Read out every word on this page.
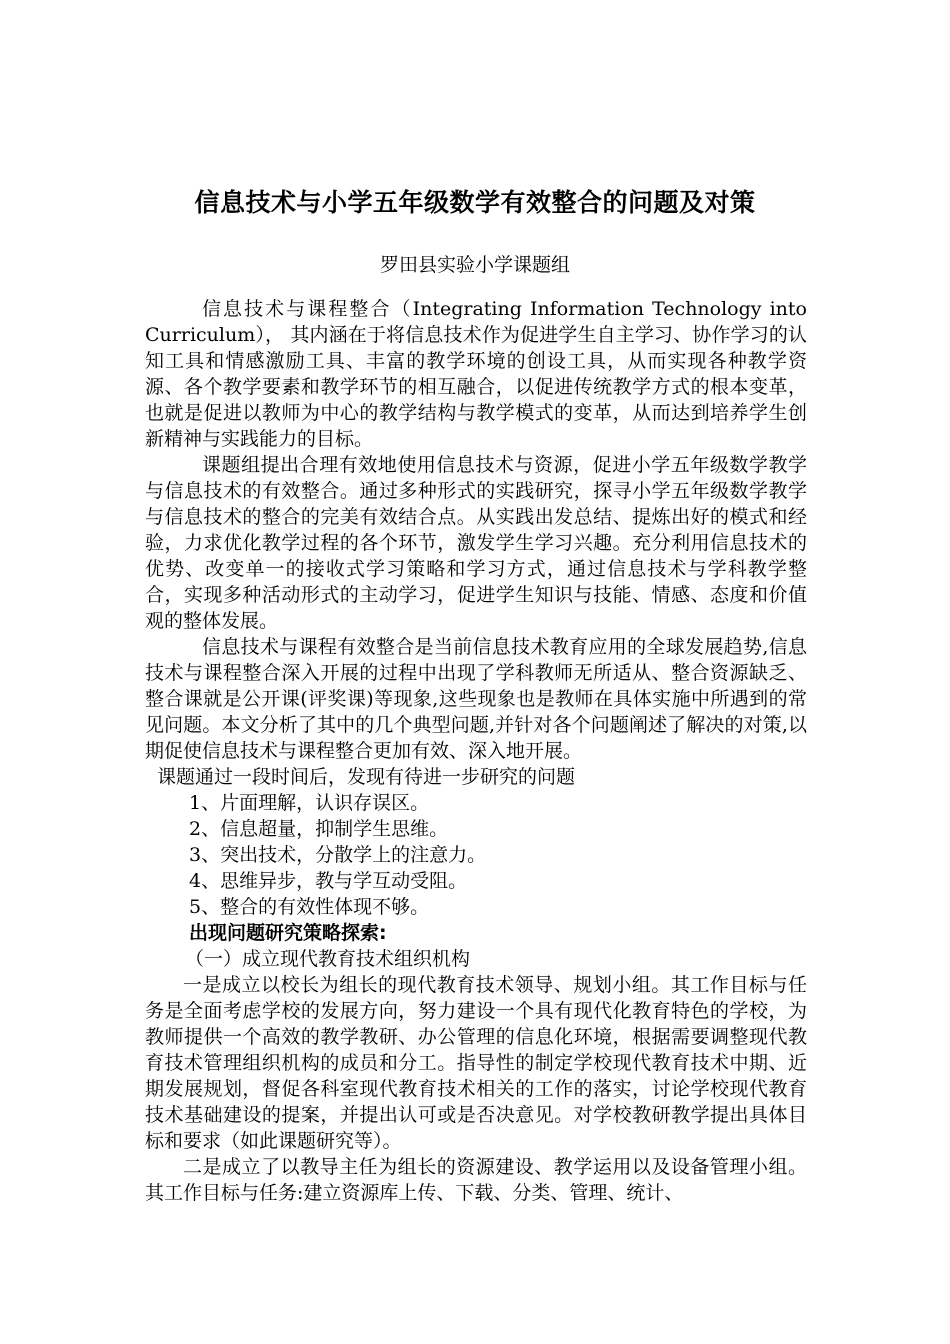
信息技术与小学五年级数学有效整合的问题及对策
罗田县实验小学课题组

信息技术与课程整合（Integrating Information Technology into Curriculum）， 其内涵在于将信息技术作为促进学生自主学习、协作学习的认知工具和情感激励工具、丰富的教学环境的创设工具，从而实现各种教学资源、各个教学要素和教学环节的相互融合，以促进传统教学方式的根本变革，也就是促进以教师为中心的教学结构与教学模式的变革，从而达到培养学生创新精神与实践能力的目标。

课题组提出合理有效地使用信息技术与资源，促进小学五年级数学教学与信息技术的有效整合。通过多种形式的实践研究，探寻小学五年级数学教学与信息技术的整合的完美有效结合点。从实践出发总结、提炼出好的模式和经验，力求优化教学过程的各个环节，激发学生学习兴趣。充分利用信息技术的优势、改变单一的接收式学习策略和学习方式，通过信息技术与学科教学整合，实现多种活动形式的主动学习，促进学生知识与技能、情感、态度和价值观的整体发展。

信息技术与课程有效整合是当前信息技术教育应用的全球发展趋势,信息技术与课程整合深入开展的过程中出现了学科教师无所适从、整合资源缺乏、整合课就是公开课(评奖课)等现象,这些现象也是教师在具体实施中所遇到的常见问题。本文分析了其中的几个典型问题,并针对各个问题阐述了解决的对策,以期促使信息技术与课程整合更加有效、深入地开展。

课题通过一段时间后，发现有待进一步研究的问题

1、片面理解，认识存误区。

2、信息超量，抑制学生思维。

3、突出技术，分散学上的注意力。

4、思维异步，教与学互动受阻。

5、整合的有效性体现不够。

出现问题研究策略探索:

（一）成立现代教育技术组织机构

一是成立以校长为组长的现代教育技术领导、规划小组。其工作目标与任务是全面考虑学校的发展方向，努力建设一个具有现代化教育特色的学校，为教师提供一个高效的教学教研、办公管理的信息化环境，根据需要调整现代教育技术管理组织机构的成员和分工。指导性的制定学校现代教育技术中期、近期发展规划，督促各科室现代教育技术相关的工作的落实，讨论学校现代教育技术基础建设的提案，并提出认可或是否决意见。对学校教研教学提出具体目标和要求（如此课题研究等）。

二是成立了以教导主任为组长的资源建设、教学运用以及设备管理小组。其工作目标与任务:建立资源库上传、下载、分类、管理、统计、
